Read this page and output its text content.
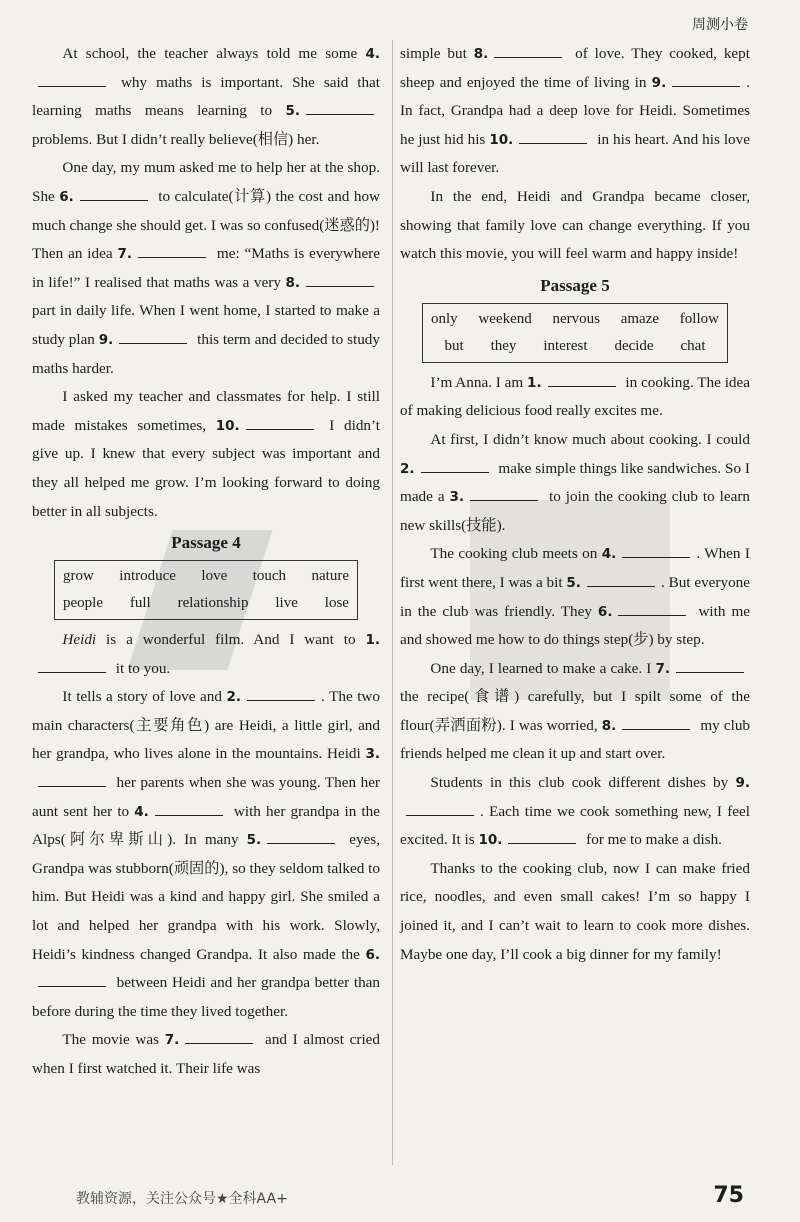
周测小卷

At school, the teacher always told me some 4. why maths is important. She said that learning maths means learning to 5. problems. But I didn’t really believe(相信) her.

One day, my mum asked me to help her at the shop. She 6.	to calculate(计算) the cost and how much change she should get. I was so confused(迷惑的)! Then an idea 7.	me: “Maths is everywhere in life!” I realised that maths was a very 8. part in daily life. When I went home, I started to make a study plan 9.	this term and decided to study maths harder.

I asked my teacher and classmates for help. I still made mistakes sometimes, 10.	I didn’t give up. I knew that every subject was important and they all helped me grow. I’m looking forward to doing better in all subjects.

Passage 4
grow introduce love touch nature
people full relationship live lose

Heidi is a wonderful film. And I want to 1. it to you.

It tells a story of love and 2.	. The two main characters(主要角色) are Heidi, a little girl, and her grandpa, who lives alone in the mountains. Heidi 3. her parents when she was young. Then her aunt sent her to 4.	with her grandpa in the Alps(阿尔卑斯山). In many 5.	eyes, Grandpa was stubborn(顽固的), so they seldom talked to him. But Heidi was a kind and happy girl. She smiled a lot and helped her grandpa with his work. Slowly, Heidi’s kindness changed Grandpa. It also made the 6. between Heidi and her grandpa better than before during the time they lived together.

The movie was 7.	and I almost cried when I first watched it. Their life was

simple but 8.	of love. They cooked, kept sheep and enjoyed the time of living in 9.	. In fact, Grandpa had a deep love for Heidi. Sometimes he just hid his 10.	in his heart. And his love will last forever.

In the end, Heidi and Grandpa became closer, showing that family love can change everything. If you watch this movie, you will feel warm and happy inside!

Passage 5
only weekend nervous amaze follow
but they interest decide chat

I’m Anna. I am 1.	in cooking. The idea of making delicious food really excites me.

At first, I didn’t know much about cooking. I could 2.	make simple things like sandwiches. So I made a 3.	to join the cooking club to learn new skills(技能).

The cooking club meets on 4.	. When I first went there, I was a bit 5.	. But everyone in the club was friendly. They 6.	with me and showed me how to do things step(步) by step.

One day, I learned to make a cake. I 7. the recipe(食谱) carefully, but I spilt some of the flour(弄洒面粉). I was worried, 8.	my club friends helped me clean it up and start over.

Students in this club cook different dishes by 9.. Each time we cook something new, I feel excited. It is 10.	for me to make a dish.

Thanks to the cooking club, now I can make fried rice, noodles, and even small cakes! I’m so happy I joined it, and I can’t wait to learn to cook more dishes. Maybe one day, I’ll cook a big dinner for my family!

教辅资源，关注公众号★全科AA+	75
